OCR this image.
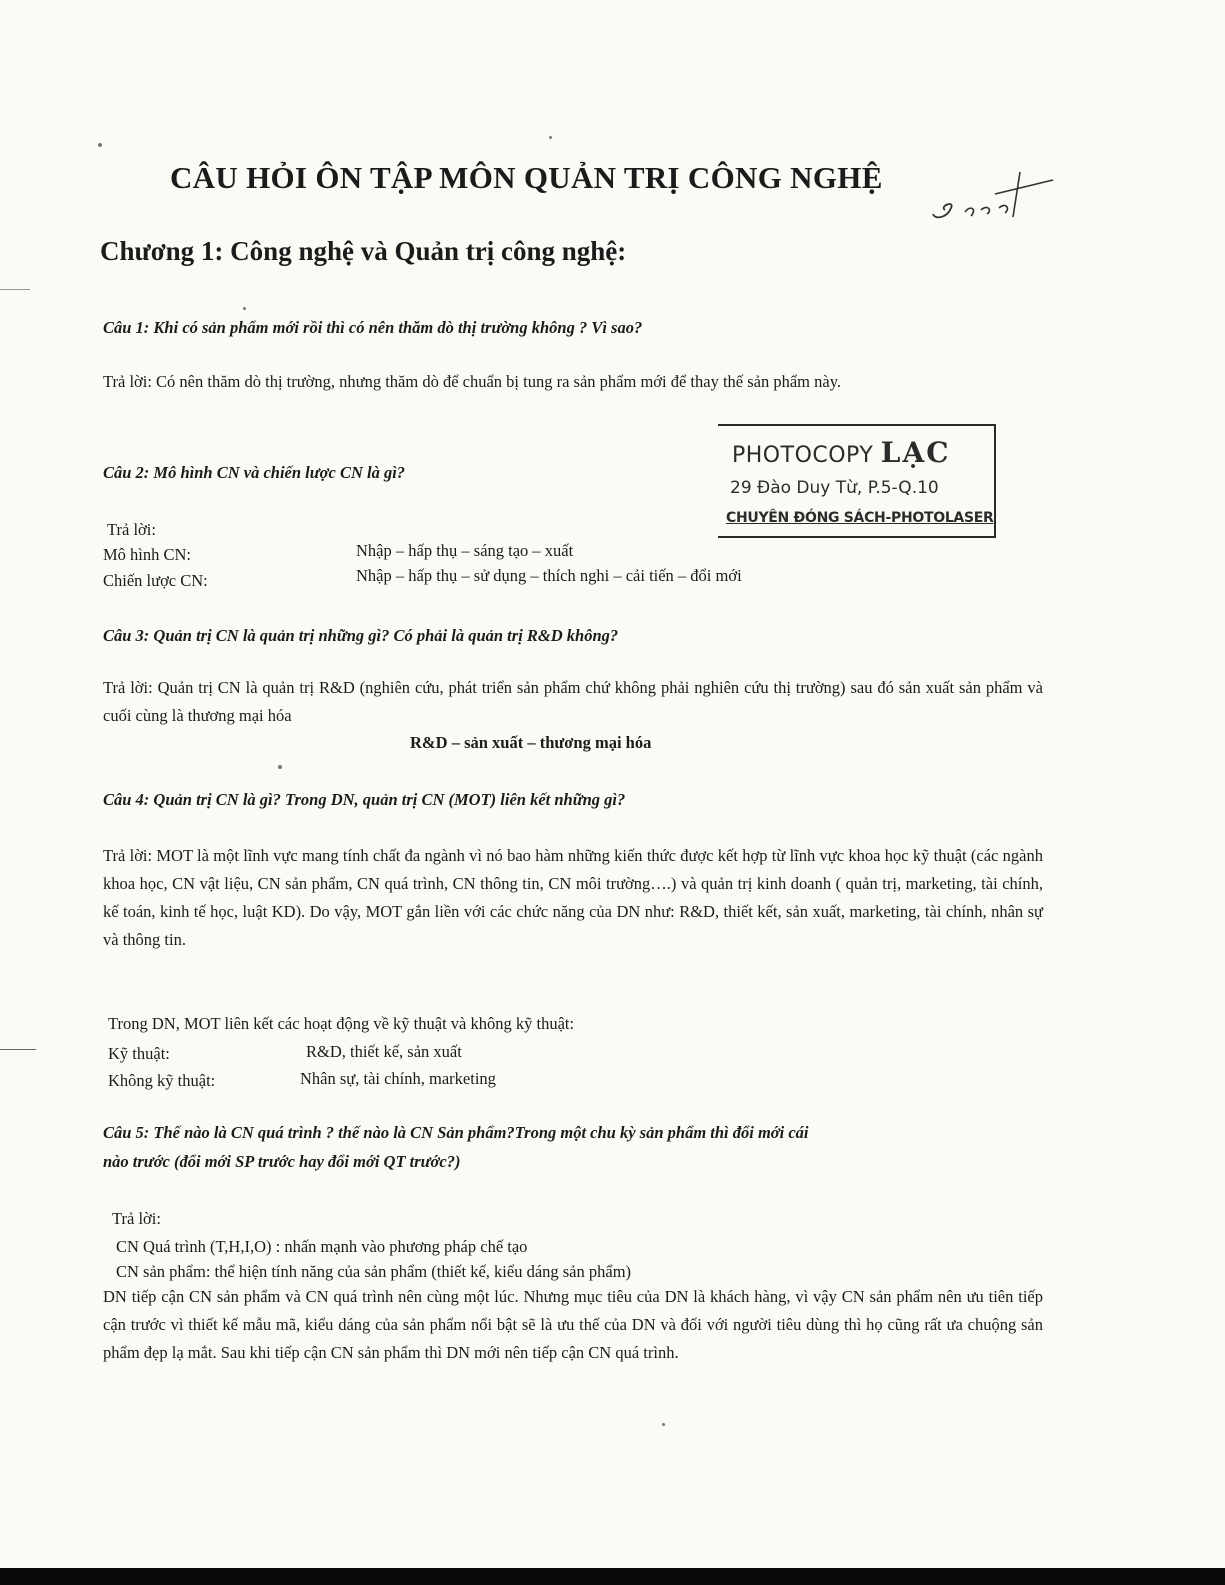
CÂU HỎI ÔN TẬP MÔN QUẢN TRỊ CÔNG NGHỆ
Chương 1: Công nghệ và Quản trị công nghệ:
Câu 1: Khi có sản phẩm mới rồi thì có nên thăm dò thị trường không ? Vì sao?
Trả lời: Có nên thăm dò thị trường, nhưng thăm dò để chuẩn bị tung ra sản phẩm mới để thay thế sản phẩm này.
PHOTOCOPY LẠC
29 Đào Duy Từ, P.5-Q.10
CHUYÊN ĐÓNG SÁCH-PHOTOLASER
Câu 2: Mô hình CN và chiến lược CN là gì?
Trả lời:
Mô hình CN:	Nhập – hấp thụ – sáng tạo – xuất
Chiến lược CN:	Nhập – hấp thụ – sử dụng – thích nghi – cải tiến – đổi mới
Câu 3: Quản trị CN là quản trị những gì? Có phải là quản trị R&D không?
Trả lời: Quản trị CN là quản trị R&D (nghiên cứu, phát triển sản phẩm chứ không phải nghiên cứu thị trường) sau đó sản xuất sản phẩm và cuối cùng là thương mại hóa
R&D – sản xuất – thương mại hóa
Câu 4: Quản trị CN là gì? Trong DN, quản trị CN (MOT) liên kết những gì?
Trả lời: MOT là một lĩnh vực mang tính chất đa ngành vì nó bao hàm những kiến thức được kết hợp từ lĩnh vực khoa học kỹ thuật (các ngành khoa học, CN vật liệu, CN sản phẩm, CN quá trình, CN thông tin, CN môi trường….) và quản trị kinh doanh ( quản trị, marketing, tài chính, kế toán, kinh tế học, luật KD). Do vậy, MOT gắn liền với các chức năng của DN như: R&D, thiết kết, sản xuất, marketing, tài chính, nhân sự và thông tin.
Trong DN, MOT liên kết các hoạt động về kỹ thuật và không kỹ thuật:
Kỹ thuật:	R&D, thiết kế, sản xuất
Không kỹ thuật:	Nhân sự, tài chính, marketing
Câu 5: Thế nào là CN quá trình ? thế nào là CN Sản phẩm?Trong một chu kỳ sản phẩm thì đổi mới cái
nào trước (đổi mới SP trước hay đổi mới QT trước?)
Trả lời:
CN Quá trình (T,H,I,O) : nhấn mạnh vào phương pháp chế tạo
CN sản phẩm: thể hiện tính năng của sản phẩm (thiết kế, kiểu dáng sản phẩm)
DN tiếp cận CN sản phẩm và CN quá trình nên cùng một lúc. Nhưng mục tiêu của DN là khách hàng, vì vậy CN sản phẩm nên ưu tiên tiếp cận trước vì thiết kế mẫu mã, kiểu dáng của sản phẩm nổi bật sẽ là ưu thế của DN và đối với người tiêu dùng thì họ cũng rất ưa chuộng sản phẩm đẹp lạ mắt. Sau khi tiếp cận CN sản phẩm thì DN mới nên tiếp cận CN quá trình.
